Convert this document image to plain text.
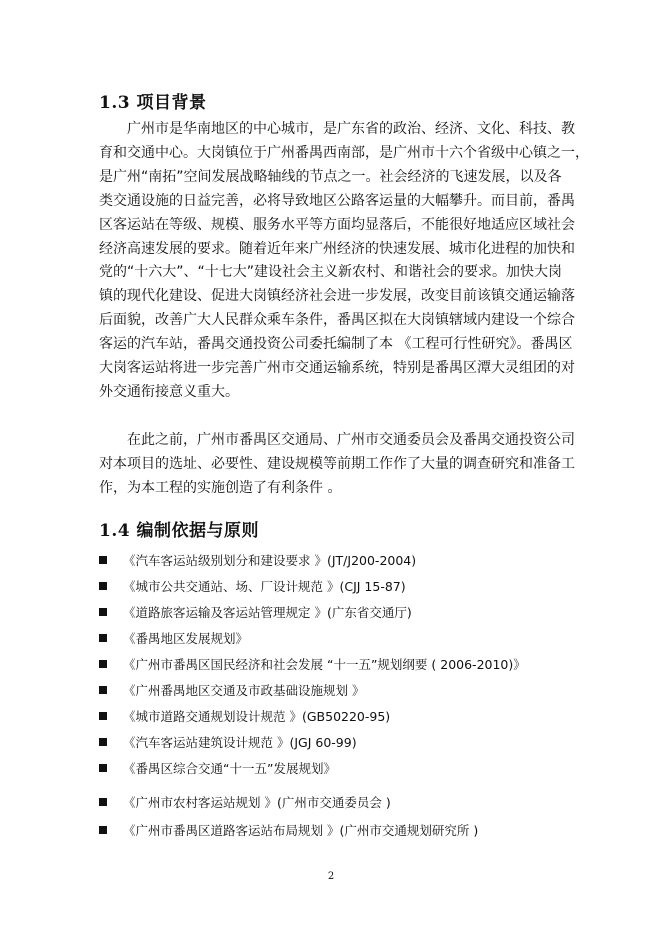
1.3 项目背景
广州市是华南地区的中心城市，是广东省的政治、经济、文化、科技、教
育和交通中心。大岗镇位于广州番禺西南部，是广州市十六个省级中心镇之一，
是广州“南拓”空间发展战略轴线的节点之一。社会经济的飞速发展，以及各
类交通设施的日益完善，必将导致地区公路客运量的大幅攀升。而目前，番禺
区客运站在等级、规模、服务水平等方面均显落后，不能很好地适应区域社会
经济高速发展的要求。随着近年来广州经济的快速发展、城市化进程的加快和
党的“十六大”、“十七大”建设社会主义新农村、和谐社会的要求。加快大岗
镇的现代化建设、促进大岗镇经济社会进一步发展，改变目前该镇交通运输落
后面貌，改善广大人民群众乘车条件，番禺区拟在大岗镇辖域内建设一个综合
客运的汽车站，番禺交通投资公司委托编制了本 《工程可行性研究》。番禺区
大岗客运站将进一步完善广州市交通运输系统，特别是番禺区潭大灵组团的对
外交通衔接意义重大。
在此之前，广州市番禺区交通局、广州市交通委员会及番禺交通投资公司
对本项目的选址、必要性、建设规模等前期工作作了大量的调查研究和准备工
作，为本工程的实施创造了有利条件 。
1.4 编制依据与原则
《汽车客运站级别划分和建设要求 》(JT/J200-2004)
《城市公共交通站、场、厂设计规范 》(CJJ 15-87)
《道路旅客运输及客运站管理规定 》(广东省交通厅)
《番禺地区发展规划》
《广州市番禺区国民经济和社会发展 “十一五”规划纲要 ( 2006-2010)》
《广州番禺地区交通及市政基础设施规划 》
《城市道路交通规划设计规范 》(GB50220-95)
《汽车客运站建筑设计规范 》(JGJ 60-99)
《番禺区综合交通“十一五”发展规划》
《广州市农村客运站规划 》(广州市交通委员会 )
《广州市番禺区道路客运站布局规划 》(广州市交通规划研究所 )
2
